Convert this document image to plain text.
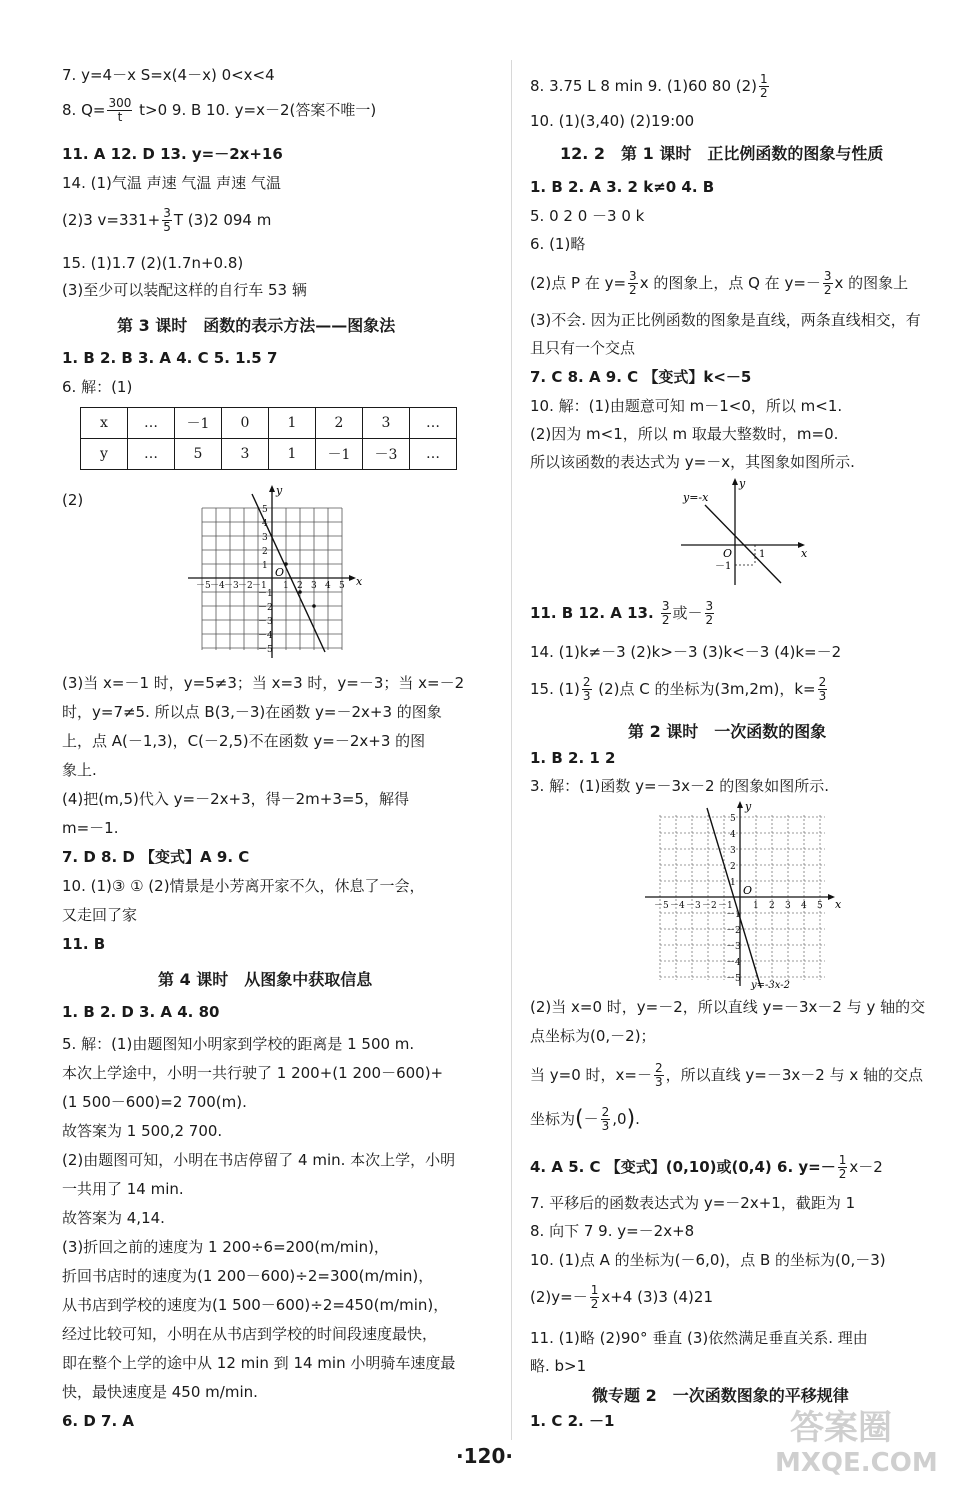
7. y=4－x S=x(4－x) 0<x<4
8. $Q= \frac{300}{t} t>0$ 9. B 10. y=x－2(答案不唯一)
11. A 12. D 13. y=－2x+16
14. (1)气温 声速 气温 声速 气温
(2)3 $v=331+ \frac{3}{5}$ T (3)2 094 m
15. (1)1.7 (2)(1.7n+0.8)
(3)至少可以装配这样的自行车 53 辆
第 3 课时　函数的表示方法——图象法
1. B 2. B 3. A 4. C 5. 1.5 7
6. 解：(1)
x	…	－1	0	1	2	3	…
y	…	5	3	1	－1	－3	…
(2)
y
x
O
－5 －4 －3 －2 －1 1 2 3 4 5
5
4
3
2
1
－1
－2
－3
－4
－5
(3)当 x=－1 时，y=5≠3；当 x=3 时，y=－3；当 x=－2
时，y=7≠5. 所以点 B(3,－3)在函数 y=－2x+3 的图象
上，点 A(－1,3)，C(－2,5)不在函数 y=－2x+3 的图
象上.
(4)把(m,5)代入 y=－2x+3，得－2m+3=5，解得
m=－1.
7. D 8. D 【变式】A 9. C
10. (1)③ ① (2)情景是小芳离开家不久，休息了一会，
又走回了家
11. B
第 4 课时　从图象中获取信息
1. B 2. D 3. A 4. 80
5. 解：(1)由题图知小明家到学校的距离是 1 500 m.
本次上学途中，小明一共行驶了 1 200+(1 200－600)+
(1 500－600)=2 700(m).
故答案为 1 500,2 700.
(2)由题图可知，小明在书店停留了 4 min. 本次上学，小明
一共用了 14 min.
故答案为 4,14.
(3)折回之前的速度为 1 200÷6=200(m/min)，
折回书店时的速度为(1 200－600)÷2=300(m/min)，
从书店到学校的速度为(1 500－600)÷2=450(m/min)，
经过比较可知，小明在从书店到学校的时间段速度最快，
即在整个上学的途中从 12 min 到 14 min 小明骑车速度最
快，最快速度是 450 m/min.
6. D 7. A
8. 3.75 L 8 min 9. (1)60 80 $(2) \frac{1}{2}$
10. (1)(3,40) (2)19:00
12. 2　第 1 课时　正比例函数的图象与性质
1. B 2. A 3. 2 k≠0 4. B
5. 0 2 0 －3 0 k
6. (1)略
(2)点 P 在 $y= \frac{3}{2}$ x 的图象上，点 Q 在 $y=- \frac{3}{2}$ x 的图象上
(3)不会. 因为正比例函数的图象是直线，两条直线相交，有
且只有一个交点
7. C 8. A 9. C 【变式】k<－5
10. 解：(1)由题意可知 m－1<0，所以 m<1.
(2)因为 m<1，所以 m 取最大整数时，m=0.
所以该函数的表达式为 y=－x，其图象如图所示.
y=-x
y
x
O	1
－1
11. B 12. A 13. $\frac{3}{2}$ 或－ $\frac{3}{2}$
14. (1)k≠－3 (2)k>－3 (3)k<－3 (4)k=－2
15. $(1) \frac{2}{3} (2)$点 C 的坐标为(3m,2m)，$k= \frac{2}{3}$
第 2 课时　一次函数的图象
1. B 2. 1 2
3. 解：(1)函数 y=－3x－2 的图象如图所示.
y=-3x-2
y
x
O
－5 －4 －3 －2 －1 1 2 3 4 5
5
4
3
2
1
－1
－2
－3
－4
－5
(2)当 x=0 时，y=－2，所以直线 y=－3x－2 与 y 轴的交
点坐标为(0,－2)；
当 y=0 时，$x=- \frac{2}{3}$ ，所以直线 y=－3x－2 与 x 轴的交点
坐标为(－ $\frac{2}{3} ,0$).
4. A 5. C 【变式】(0,10)或(0,4) 6. $y=- \frac{1}{2} x-2$
7. 平移后的函数表达式为 y=－2x+1，截距为 1
8. 向下 7 9. y=－2x+8
10. (1)点 A 的坐标为(－6,0)，点 B 的坐标为(0,－3)
$(2)y=- \frac{1}{2} x+4$ (3)3 (4)21
11. (1)略 (2)90° 垂直 (3)依然满足垂直关系. 理由
略. b>1
微专题 2　一次函数图象的平移规律
1. C 2. －1
·120·
答案圈
MXQE.COM
